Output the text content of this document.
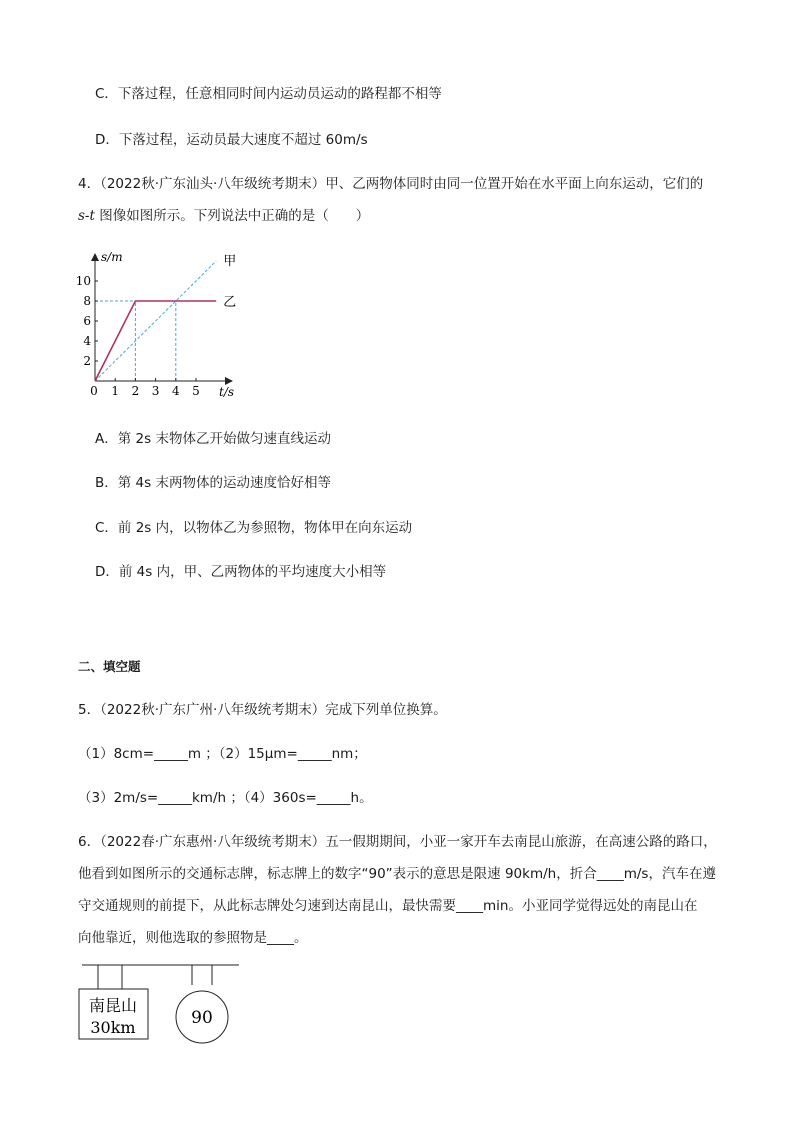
C．下落过程，任意相同时间内运动员运动的路程都不相等
D．下落过程，运动员最大速度不超过 60m/s
4．（2022秋·广东汕头·八年级统考期末）甲、乙两物体同时由同一位置开始在水平面上向东运动，它们的
s-t 图像如图所示。下列说法中正确的是（　　）
s/m
t/s
0 1 2 3 4 5
2
4
6
8
10
甲
乙
A．第 2s 末物体乙开始做匀速直线运动
B．第 4s 末两物体的运动速度恰好相等
C．前 2s 内，以物体乙为参照物，物体甲在向东运动
D．前 4s 内，甲、乙两物体的平均速度大小相等
二、填空题
5．（2022秋·广东广州·八年级统考期末）完成下列单位换算。
（1）8cm=_____m ；（2）15μm=_____nm；
（3）2m/s=_____km/h ；（4）360s=_____h。
6．（2022春·广东惠州·八年级统考期末）五一假期期间，小亚一家开车去南昆山旅游，在高速公路的路口，
他看到如图所示的交通标志牌，标志牌上的数字“90”表示的意思是限速 90km/h，折合____m/s，汽车在遵
守交通规则的前提下，从此标志牌处匀速到达南昆山，最快需要____min。小亚同学觉得远处的南昆山在
向他靠近，则他选取的参照物是____。
南昆山
30km	90
